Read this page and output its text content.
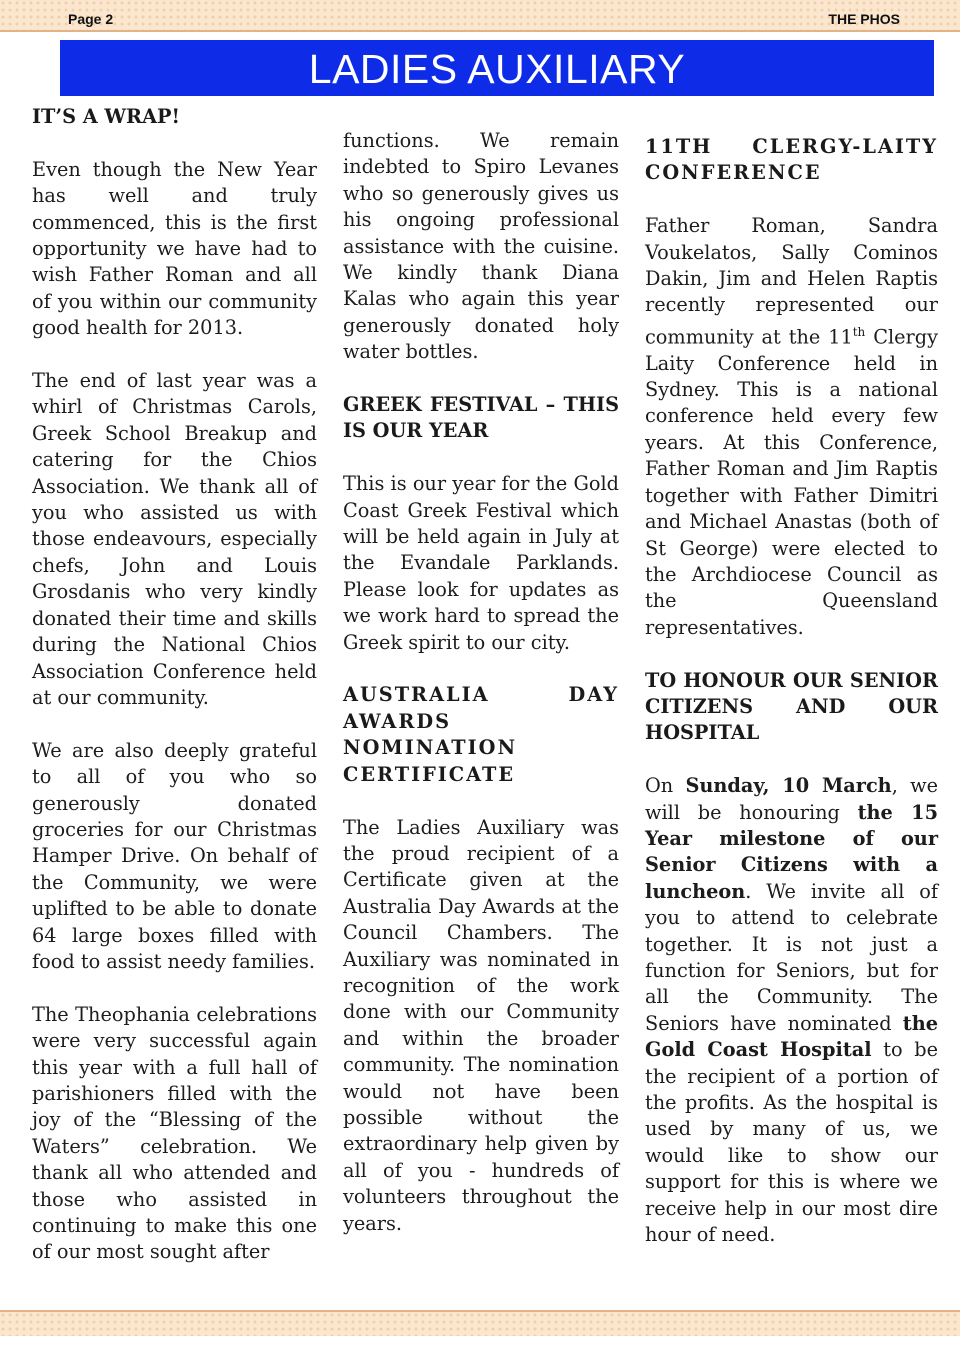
Page 2	THE PHOS
LADIES AUXILIARY
IT’S A WRAP!

Even though the New Year has well and truly commenced, this is the first opportunity we have had to wish Father Roman and all of you within our community good health for 2013.

The end of last year was a whirl of Christmas Carols, Greek School Breakup and catering for the Chios Association. We thank all of you who assisted us with those endeavours, especially chefs, John and Louis Grosdanis who very kindly donated their time and skills during the National Chios Association Conference held at our community.

We are also deeply grateful to all of you who so generously donated groceries for our Christmas Hamper Drive. On behalf of the Community, we were uplifted to be able to donate 64 large boxes filled with food to assist needy families.

The Theophania celebrations were very successful again this year with a full hall of parishioners filled with the joy of the “Blessing of the Waters” celebration. We thank all who attended and those who assisted in continuing to make this one of our most sought after

functions. We remain indebted to Spiro Levanes who so generously gives us his ongoing professional assistance with the cuisine. We kindly thank Diana Kalas who again this year generously donated holy water bottles.

GREEK FESTIVAL – THIS IS OUR YEAR

This is our year for the Gold Coast Greek Festival which will be held again in July at the Evandale Parklands. Please look for updates as we work hard to spread the Greek spirit to our city.

AUSTRALIA DAY AWARDS NOMINATION CERTIFICATE

The Ladies Auxiliary was the proud recipient of a Certificate given at the Australia Day Awards at the Council Chambers. The Auxiliary was nominated in recognition of the work done with our Community and within the broader community. The nomination would not have been possible without the extraordinary help given by all of you - hundreds of volunteers throughout the years.

11TH CLERGY-LAITY CONFERENCE

Father Roman, Sandra Voukelatos, Sally Cominos Dakin, Jim and Helen Raptis recently represented our community at the 11th Clergy Laity Conference held in Sydney. This is a national conference held every few years. At this Conference, Father Roman and Jim Raptis together with Father Dimitri and Michael Anastas (both of St George) were elected to the Archdiocese Council as the Queensland representatives.

TO HONOUR OUR SENIOR CITIZENS AND OUR HOSPITAL

On Sunday, 10 March, we will be honouring the 15 Year milestone of our Senior Citizens with a luncheon. We invite all of you to attend to celebrate together. It is not just a function for Seniors, but for all the Community. The Seniors have nominated the Gold Coast Hospital to be the recipient of a portion of the profits. As the hospital is used by many of us, we would like to show our support for this is where we receive help in our most dire hour of need.
